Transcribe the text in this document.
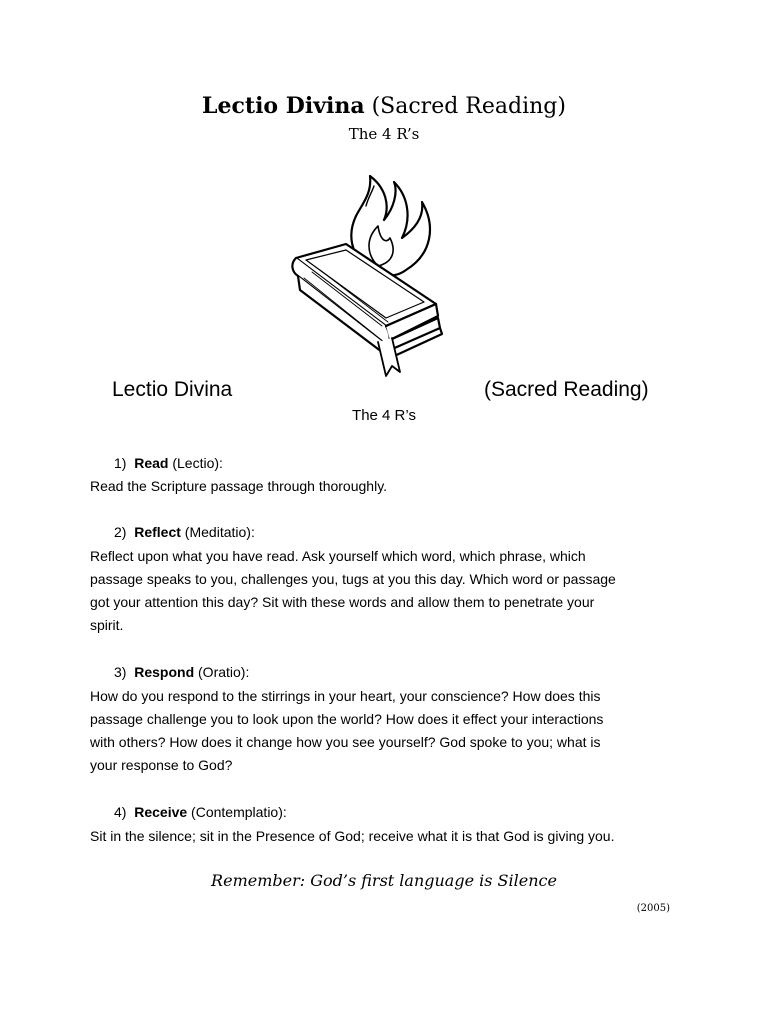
Lectio Divina (Sacred Reading)
The 4 R’s
Lectio Divina	(Sacred Reading)
The 4 R’s
1) Read (Lectio):
Read the Scripture passage through thoroughly.
2) Reflect (Meditatio):
Reflect upon what you have read. Ask yourself which word, which phrase, which
passage speaks to you, challenges you, tugs at you this day. Which word or passage
got your attention this day? Sit with these words and allow them to penetrate your
spirit.
3) Respond (Oratio):
How do you respond to the stirrings in your heart, your conscience? How does this
passage challenge you to look upon the world? How does it effect your interactions
with others? How does it change how you see yourself? God spoke to you; what is
your response to God?
4) Receive (Contemplatio):
Sit in the silence; sit in the Presence of God; receive what it is that God is giving you.
Remember: God’s first language is Silence
(2005)
